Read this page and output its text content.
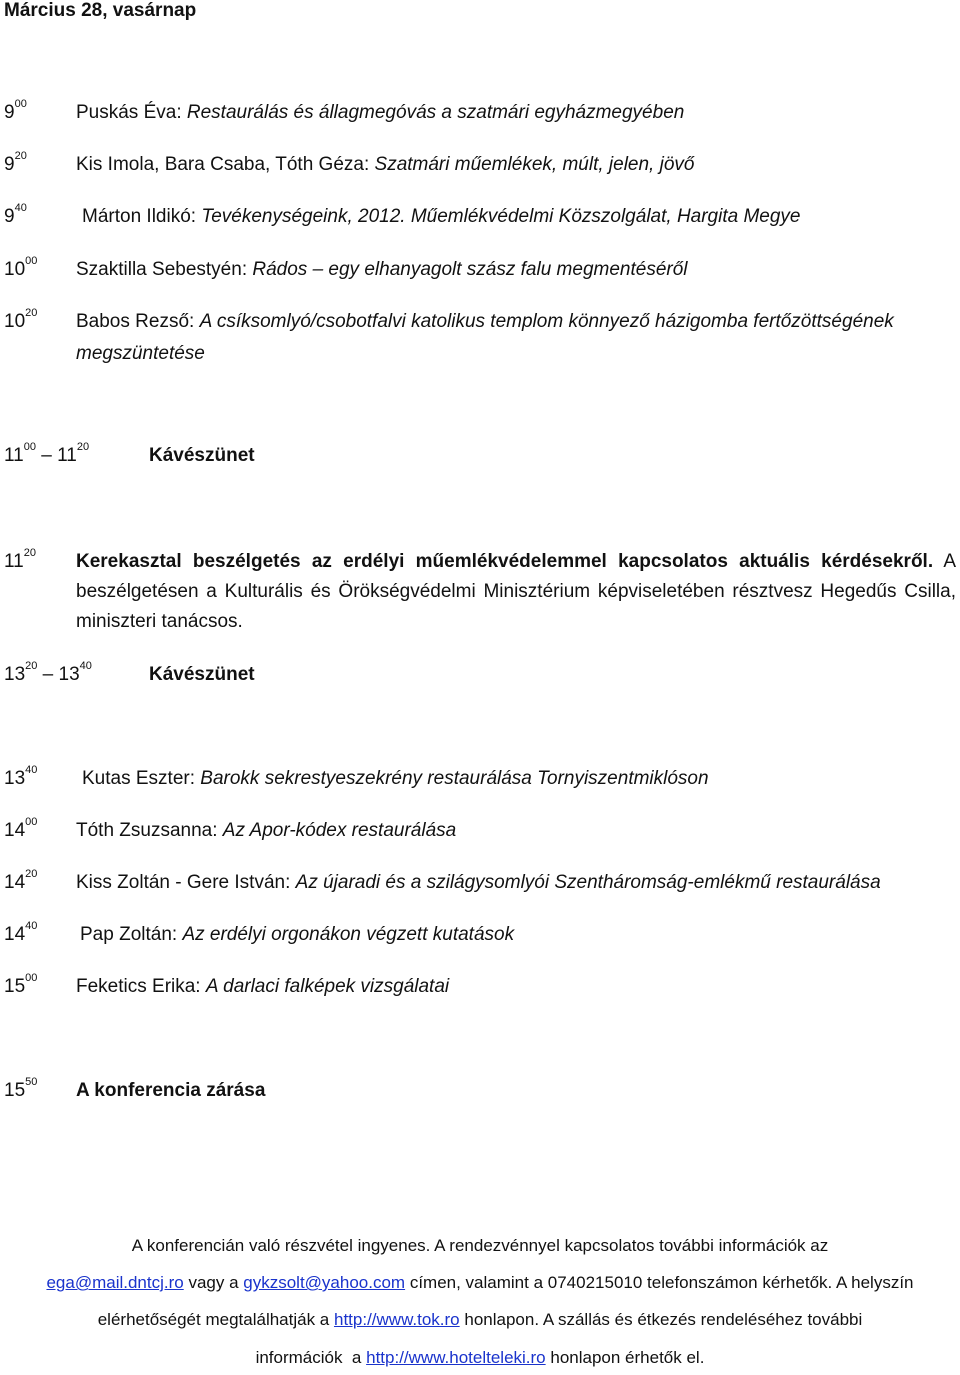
Március 28, vasárnap
$9^{00}$	Puskás Éva: Restaurálás és állagmegóvás a szatmári egyházmegyében
$9^{20}$	Kis Imola, Bara Csaba, Tóth Géza: Szatmári műemlékek, múlt, jelen, jövő
$9^{40}$	Márton Ildikó: Tevékenységeink, 2012. Műemlékvédelmi Közszolgálat, Hargita Megye
$10^{00}$ Szaktilla Sebestyén: Rádos – egy elhanyagolt szász falu megmentéséről
$10^{20}$ Babos Rezső: A csíksomlyó/csobotfalvi katolikus templom könnyező házigomba fertőzöttségének
megszüntetése
$11^{00} - 11^{20}$	Kávészünet
$11^{20}$ Kerekasztal beszélgetés az erdélyi műemlékvédelemmel kapcsolatos aktuális kérdésekről. A beszélgetésen a Kulturális és Örökségvédelmi Minisztérium képviseletében résztvesz Hegedűs Csilla, miniszteri tanácsos.
$13^{20} - 13^{40}$	Kávészünet
$13^{40}$ Kutas Eszter: Barokk sekrestyeszekrény restaurálása Tornyiszentmiklóson
$14^{00}$ Tóth Zsuzsanna: Az Apor-kódex restaurálása
$14^{20}$ Kiss Zoltán - Gere István: Az újaradi és a szilágysomlyói Szentháromság-emlékmű restaurálása
$14^{40}$ Pap Zoltán: Az erdélyi orgonákon végzett kutatások
$15^{00}$ Feketics Erika: A darlaci falképek vizsgálatai
$15^{50}$ A konferencia zárása
A konferencián való részvétel ingyenes. A rendezvénnyel kapcsolatos további információk az
ega@mail.dntcj.ro vagy a gykzsolt@yahoo.com címen, valamint a 0740215010 telefonszámon kérhetők. A helyszín
elérhetőségét megtalálhatják a http://www.tok.ro honlapon. A szállás és étkezés rendeléséhez további
információk  a http://www.hotelteleki.ro honlapon érhetők el.
